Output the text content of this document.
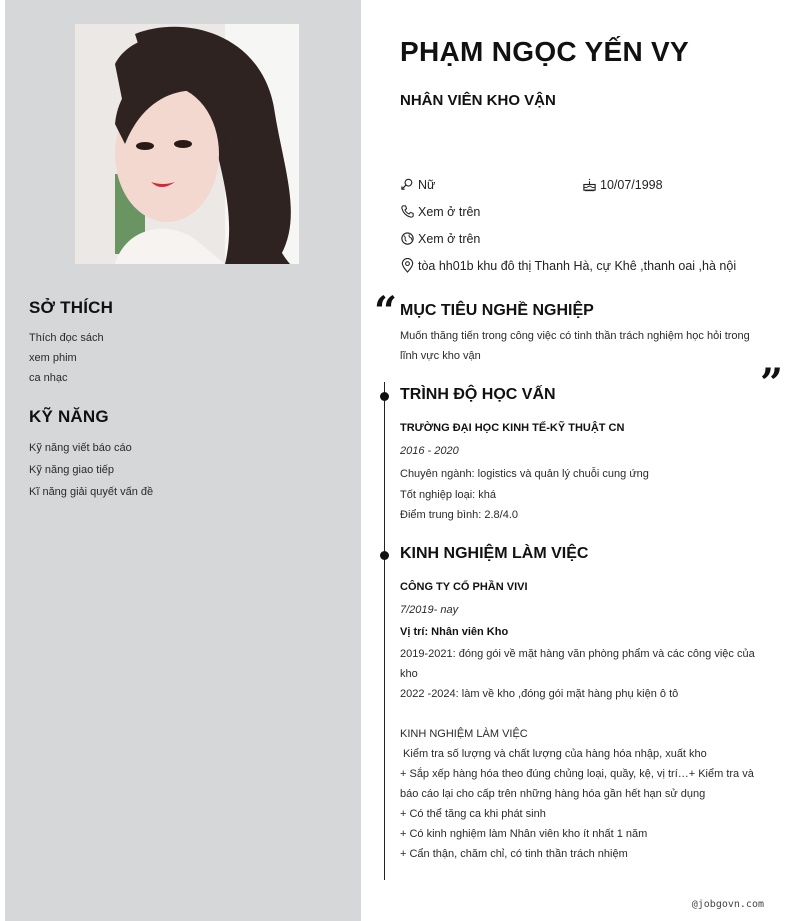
SỞ THÍCH
Thích đọc sách
xem phim
ca nhạc
KỸ NĂNG
Kỹ năng viết báo cáo
Kỹ năng giao tiếp
Kĩ năng giải quyết vấn đề
PHẠM NGỌC YẾN VY
NHÂN VIÊN KHO VẬN
Nữ	10/07/1998
Xem ở trên
Xem ở trên
tòa hh01b khu đô thị Thanh Hà, cự Khê ,thanh oai ,hà nội
“
”
MỤC TIÊU NGHỀ NGHIỆP
Muốn thăng tiến trong công việc có tinh thần trách nghiệm học hỏi trong lĩnh vực kho vận
TRÌNH ĐỘ HỌC VẤN
TRƯỜNG ĐẠI HỌC KINH TẾ-KỸ THUẬT CN
2016 - 2020
Chuyên ngành: logistics và quản lý chuỗi cung ứng
Tốt nghiệp loại: khá
Điểm trung bình: 2.8/4.0
KINH NGHIỆM LÀM VIỆC
CÔNG TY CỔ PHẦN VIVI
7/2019- nay
Vị trí: Nhân viên Kho
2019-2021: đóng gói về mặt hàng văn phòng phẩm và các công việc của kho
2022 -2024: làm về kho ,đóng gói mặt hàng phụ kiện ô tô
KINH NGHIỆM LÀM VIỆC
Kiểm tra số lượng và chất lượng của hàng hóa nhập, xuất kho
+ Sắp xếp hàng hóa theo đúng chủng loại, quầy, kệ, vị trí…+ Kiểm tra và báo cáo lại cho cấp trên những hàng hóa gần hết hạn sử dụng
+ Có thể tăng ca khi phát sinh
+ Có kinh nghiệm làm Nhân viên kho ít nhất 1 năm
+ Cẩn thận, chăm chỉ, có tinh thần trách nhiệm
@jobgovn.com
